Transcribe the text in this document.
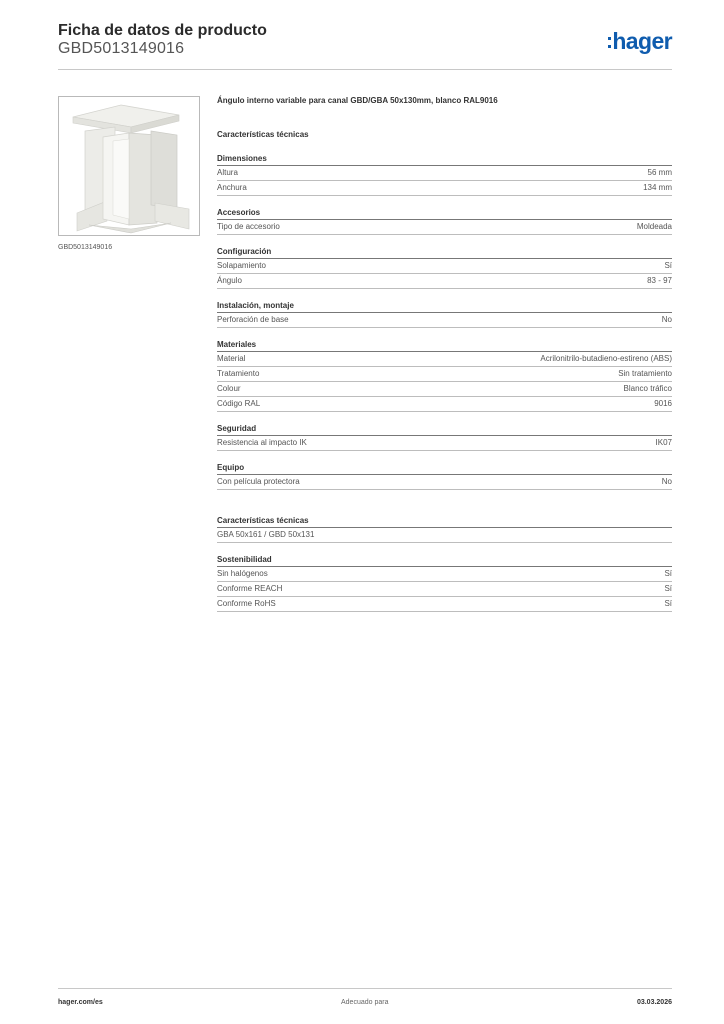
Ficha de datos de producto
GBD5013149016	hager
GBD5013149016
Ángulo interno variable para canal GBD/GBA 50x130mm, blanco RAL9016
Características técnicas
Dimensiones
Altura	56 mm
Anchura	134 mm
Accesorios
Tipo de accesorio	Moldeada
Configuración
Solapamiento	Sí
Ángulo	83 - 97
Instalación, montaje
Perforación de base	No
Materiales
Material	Acrilonitrilo-butadieno-estireno (ABS)
Tratamiento	Sin tratamiento
Colour	Blanco tráfico
Código RAL	9016
Seguridad
Resistencia al impacto IK	IK07
Equipo
Con película protectora	No
Características técnicas
GBA 50x161 / GBD 50x131
Sostenibilidad
Sin halógenos	Sí
Conforme REACH	Sí
Conforme RoHS	Sí
hager.com/es	Adecuado para	03.03.2026
